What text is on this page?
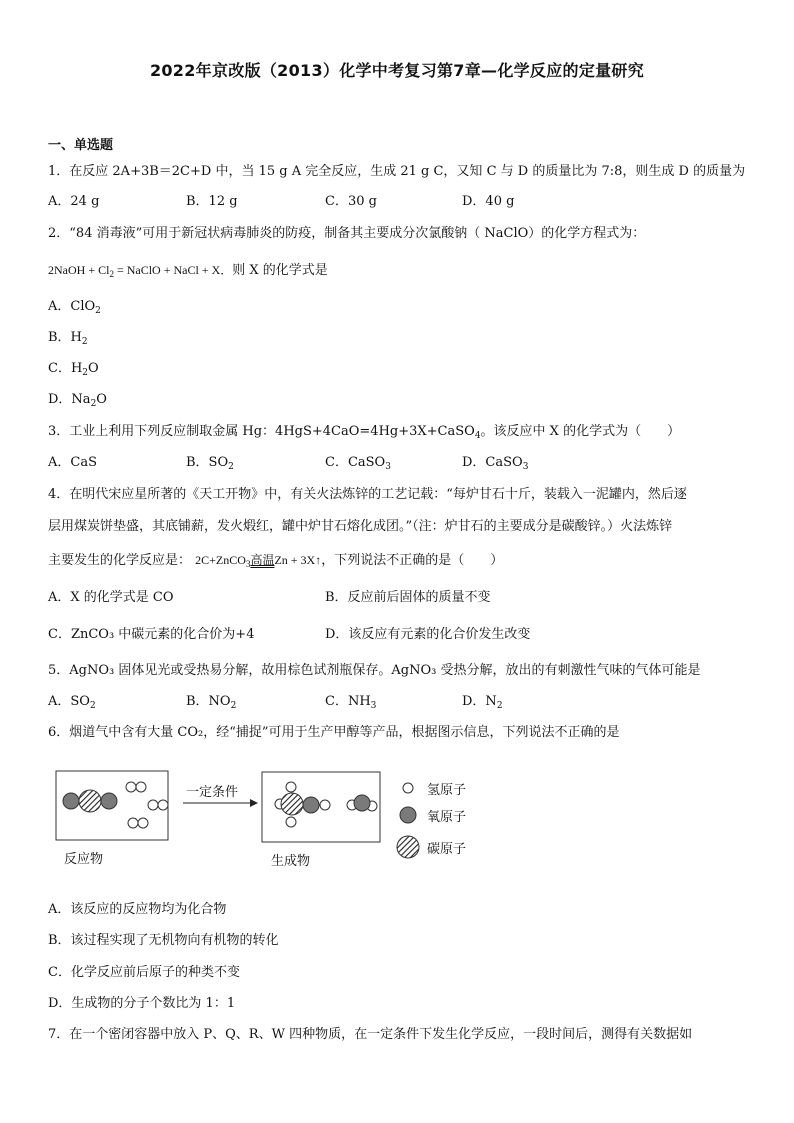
2022年京改版（2013）化学中考复习第7章—化学反应的定量研究
一、单选题
1．在反应 2A+3B＝2C+D 中，当 15 g A 完全反应，生成 21 g C，又知 C 与 D 的质量比为 7:8，则生成 D 的质量为
A．24 g	B．12 g	C．30 g	D．40 g
2．“84 消毒液”可用于新冠状病毒肺炎的防疫，制备其主要成分次氯酸钠（ NaClO）的化学方程式为：
2NaOH + $Cl_2$ = NaClO + NaCl + X．则 X 的化学式是
A．ClO$_2$
B．$H_2$
C．$H_2O$
D．$Na_2O$
3．工业上利用下列反应制取金属 Hg：4HgS+4CaO=4Hg+3X+CaSO$_4$。该反应中 X 的化学式为（　　）
A．CaS	B．$SO_2$	C．CaSO$_3$	D．CaSO$_3$
4．在明代宋应星所著的《天工开物》中，有关火法炼锌的工艺记载：“每炉甘石十斤，装载入一泥罐内，然后逐
层用煤炭饼垫盛，其底铺薪，发火煅红，罐中炉甘石熔化成团。”（注：炉甘石的主要成分是碳酸锌。）火法炼锌
主要发生的化学反应是： 2C+ZnCO$_3$高温Zn + 3X↑，下列说法不正确的是（　　）
A．X 的化学式是 CO	B．反应前后固体的质量不变
C．ZnCO₃ 中碳元素的化合价为+4	D．该反应有元素的化合价发生改变
5．AgNO₃ 固体见光或受热易分解，故用棕色试剂瓶保存。AgNO₃ 受热分解，放出的有刺激性气味的气体可能是
A．$SO_2$	B．$NO_2$	C．$NH_3$	D．$N_2$
6．烟道气中含有大量 CO₂，经“捕捉”可用于生产甲醇等产品，根据图示信息，下列说法不正确的是
一定条件
反应物	生成物
氢原子
氧原子
碳原子
A．该反应的反应物均为化合物
B．该过程实现了无机物向有机物的转化
C．化学反应前后原子的种类不变
D．生成物的分子个数比为 1：1
7．在一个密闭容器中放入 P、Q、R、W 四种物质，在一定条件下发生化学反应，一段时间后，测得有关数据如
